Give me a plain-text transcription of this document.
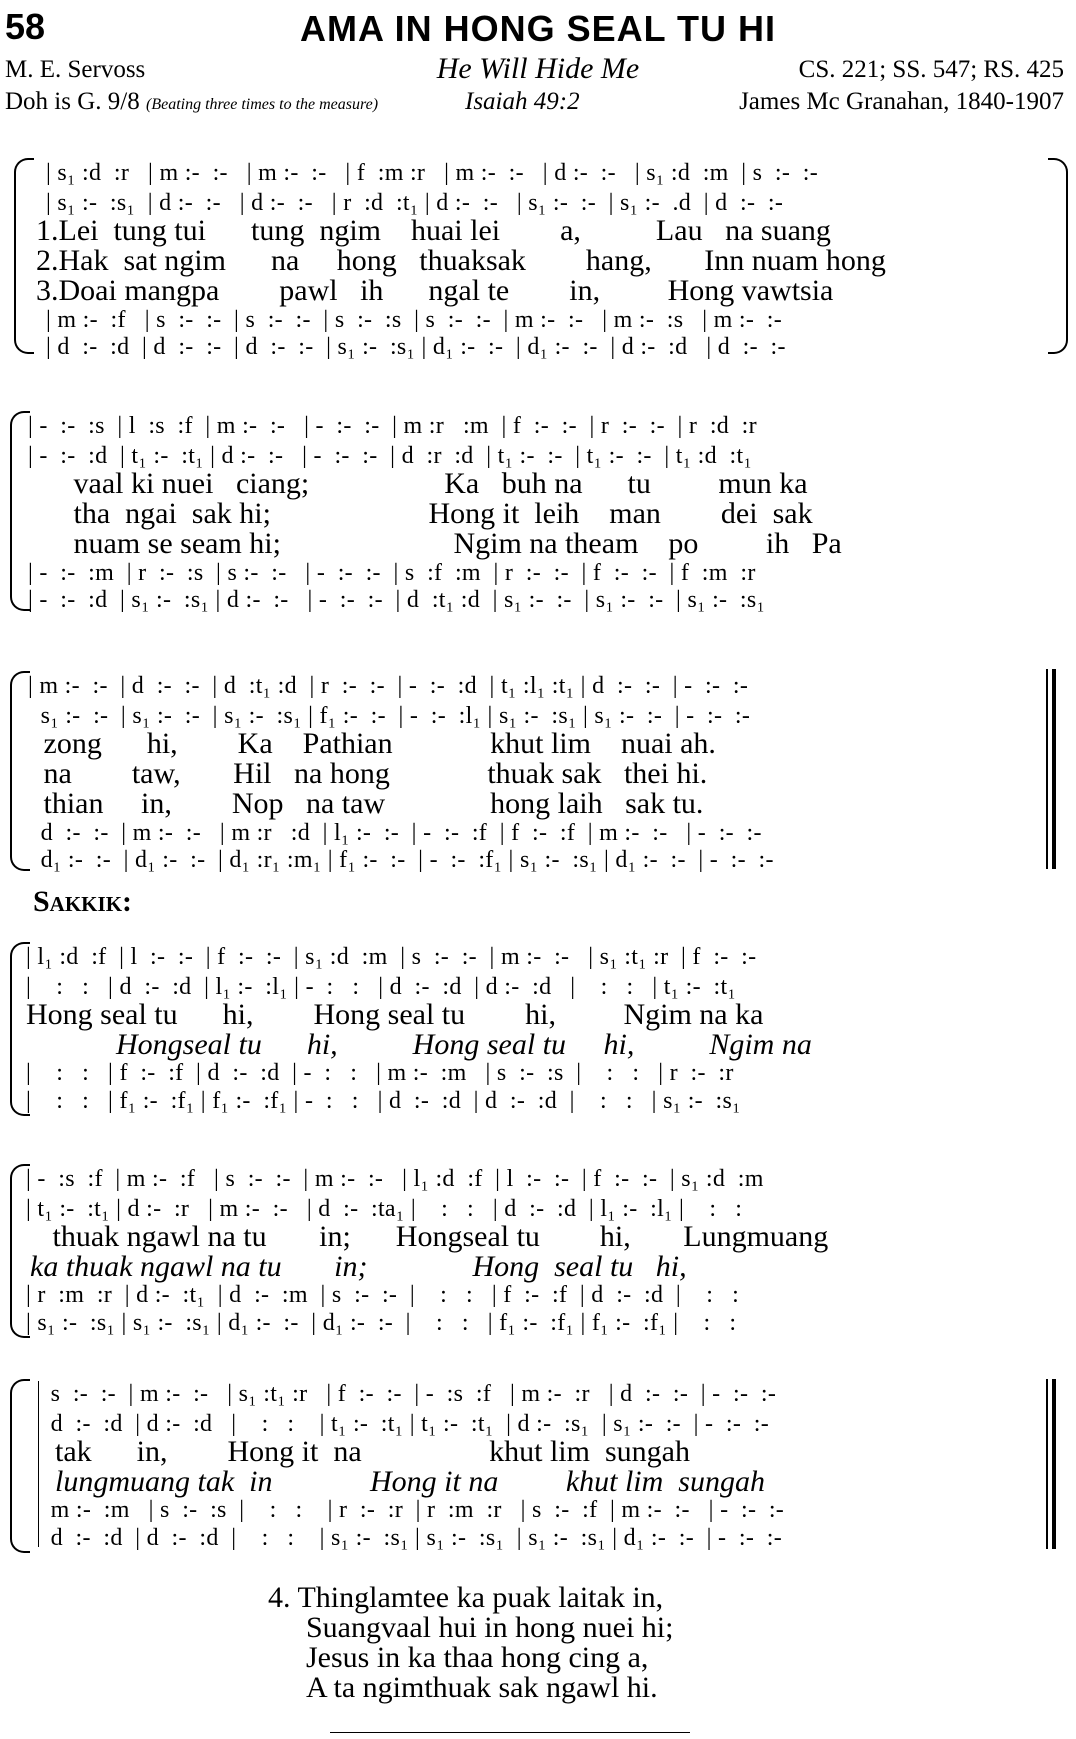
58	AMA IN HONG SEAL TU HI
M. E. Servoss	He Will Hide Me	CS. 221; SS. 547; RS. 425
Doh is G. 9/8 (Beating three times to the measure)	Isaiah 49:2	James Mc Granahan, 1840-1907
| s₁ :d  :r   | m :-  :-   | m :-  :-   | f  :m :r   | m :-  :-   | d :-  :-   | s₁ :d  :m  | s  :-  :-
| s₁ :-  :s₁  | d :-  :-   | d :-  :-   | r  :d  :t₁ | d :-  :-   | s₁ :-  :-  | s₁ :-  .d  | d  :-  :-
1.Lei  tung tui      tung  ngim    huai lei        a,          Lau   na suang
2.Hak  sat ngim      na     hong   thuaksak        hang,       Inn nuam hong
3.Doai mangpa        pawl   ih      ngal te        in,         Hong vawtsia
| m :-  :f   | s  :-  :-  | s  :-  :-  | s  :-  :s  | s  :-  :-  | m :-  :-   | m :-  :s   | m :-  :-
| d  :-  :d  | d  :-  :-  | d  :-  :-  | s₁ :-  :s₁ | d₁ :-  :-  | d₁ :-  :-  | d :-  :d   | d  :-  :-
| -  :-  :s  | l  :s  :f  | m :-  :-   | -  :-  :-  | m :r   :m  | f  :-  :-  | r  :-  :-  | r  :d  :r
| -  :-  :d  | t₁ :-  :t₁ | d :-  :-   | -  :-  :-  | d  :r  :d  | t₁ :-  :-  | t₁ :-  :-  | t₁ :d  :t₁
vaal ki nuei   ciang;                  Ka   buh na      tu         mun ka
tha  ngai  sak hi;                     Hong it  leih    man        dei  sak
nuam se seam hi;                       Ngim na theam    po         ih   Pa
| -  :-  :m  | r  :-  :s  | s :-  :-   | -  :-  :-  | s  :f  :m  | r  :-  :-  | f  :-  :-  | f  :m  :r
| -  :-  :d  | s₁ :-  :s₁ | d :-  :-   | -  :-  :-  | d  :t₁ :d  | s₁ :-  :-  | s₁ :-  :-  | s₁ :-  :s₁
| m :-  :-  | d  :-  :-  | d  :t₁ :d  | r  :-  :-  | -  :-  :d  | t₁ :l₁ :t₁ | d  :-  :-  | -  :-  :-
s₁ :-  :-  | s₁ :-  :-  | s₁ :-  :s₁ | f₁ :-  :-  | -  :-  :l₁ | s₁ :-  :s₁ | s₁ :-  :-  | -  :-  :-
zong      hi,        Ka    Pathian             khut lim    nuai ah.
na        taw,       Hil   na hong             thuak sak   thei hi.
thian     in,        Nop   na taw              hong laih   sak tu.
d  :-  :-  | m :-  :-   | m :r   :d  | l₁ :-  :-  | -  :-  :f  | f  :-  :f  | m :-  :-   | -  :-  :-
d₁ :-  :-  | d₁ :-  :-  | d₁ :r₁ :m₁ | f₁ :-  :-  | -  :-  :f₁ | s₁ :-  :s₁ | d₁ :-  :-  | -  :-  :-
Sakkik:
| l₁ :d  :f  | l  :-  :-  | f  :-  :-  | s₁ :d  :m  | s  :-  :-  | m :-  :-   | s₁ :t₁ :r  | f  :-  :-
|    :   :   | d  :-  :d  | l₁ :-  :l₁ | -  :   :   | d  :-  :d  | d :-  :d   |    :   :   | t₁ :-  :t₁
Hong seal tu      hi,        Hong seal tu        hi,         Ngim na ka
Hongseal tu      hi,          Hong seal tu     hi,          Ngim na
|    :   :   | f  :-  :f  | d  :-  :d  | -  :   :   | m :-  :m   | s  :-  :s  |    :   :   | r  :-  :r
|    :   :   | f₁ :-  :f₁ | f₁ :-  :f₁ | -  :   :   | d  :-  :d  | d  :-  :d  |    :   :   | s₁ :-  :s₁
| -  :s  :f  | m :-  :f   | s  :-  :-  | m :-  :-   | l₁ :d  :f  | l  :-  :-  | f  :-  :-  | s₁ :d  :m
| t₁ :-  :t₁ | d :-  :r   | m :-  :-   | d  :-  :ta₁ |    :   :   | d  :-  :d  | l₁ :-  :l₁ |    :   :
thuak ngawl na tu       in;      Hongseal tu        hi,       Lungmuang
ka thuak ngawl na tu       in;              Hong  seal tu   hi,
| r  :m  :r  | d :-  :t₁  | d  :-  :m  | s  :-  :-  |    :   :   | f  :-  :f  | d  :-  :d  |    :   :
| s₁ :-  :s₁ | s₁ :-  :s₁ | d₁ :-  :-  | d₁ :-  :-  |    :   :   | f₁ :-  :f₁ | f₁ :-  :f₁ |    :   :
s  :-  :-  | m :-  :-   | s₁ :t₁ :r   | f  :-  :-  | -  :s  :f   | m :-  :r   | d  :-  :-  | -  :-  :-
d  :-  :d  | d :-  :d   |    :   :    | t₁ :-  :t₁ | t₁ :-  :t₁  | d :-  :s₁  | s₁ :-  :-  | -  :-  :-
tak      in,        Hong it  na                 khut lim  sungah
lungmuang tak  in             Hong it na         khut lim  sungah
m :-  :m   | s  :-  :s  |    :   :    | r  :-  :r  | r  :m  :r   | s  :-  :f  | m :-  :-   | -  :-  :-
d  :-  :d  | d  :-  :d  |    :   :    | s₁ :-  :s₁ | s₁ :-  :s₁  | s₁ :-  :s₁ | d₁ :-  :-  | -  :-  :-
4. Thinglamtee ka puak laitak in,
Suangvaal hui in hong nuei hi;
Jesus in ka thaa hong cing a,
A ta ngimthuak sak ngawl hi.
